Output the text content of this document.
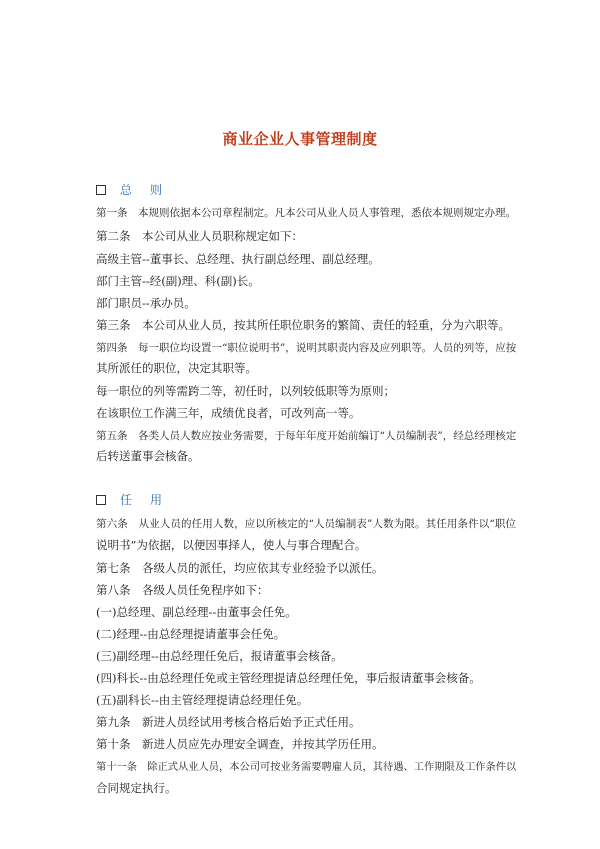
商业企业人事管理制度
总则
第一条　本规则依据本公司章程制定。凡本公司从业人员人事管理，悉依本规则规定办理。
第二条　本公司从业人员职称规定如下：
高级主管--董事长、总经理、执行副总经理、副总经理。
部门主管--经(副)理、科(副)长。
部门职员--承办员。
第三条　本公司从业人员，按其所任职位职务的繁简、责任的轻重，分为六职等。
第四条　每一职位均设置一“职位说明书”，说明其职责内容及应列职等。人员的列等，应按
其所派任的职位，决定其职等。
每一职位的列等需跨二等，初任时，以列较低职等为原则；
在该职位工作满三年，成绩优良者，可改列高一等。
第五条　各类人员人数应按业务需要，于每年年度开始前编订“人员编制表”，经总经理核定
后转送董事会核备。
任用
第六条　从业人员的任用人数，应以所核定的“人员编制表”人数为限。其任用条件以“职位
说明书”为依据，以便因事择人，使人与事合理配合。
第七条　各级人员的派任，均应依其专业经验予以派任。
第八条　各级人员任免程序如下：
(一)总经理、副总经理--由董事会任免。
(二)经理--由总经理提请董事会任免。
(三)副经理--由总经理任免后，报请董事会核备。
(四)科长--由总经理任免或主管经理提请总经理任免，事后报请董事会核备。
(五)副科长--由主管经理提请总经理任免。
第九条　新进人员经试用考核合格后始予正式任用。
第十条　新进人员应先办理安全调查，并按其学历任用。
第十一条　除正式从业人员，本公司可按业务需要聘雇人员，其待遇、工作期限及工作条件以
合同规定执行。
